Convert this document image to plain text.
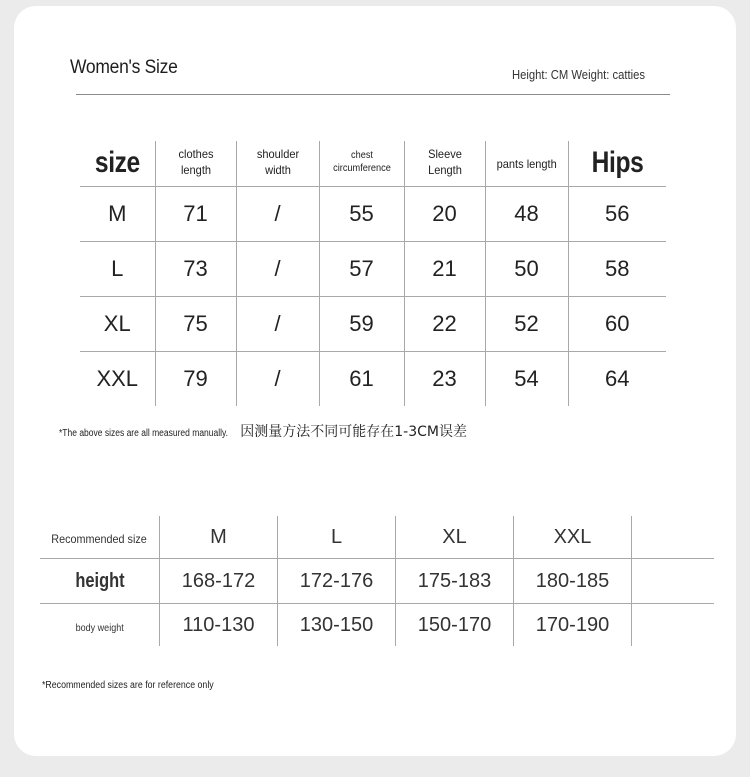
Women's Size	Height: CM Weight: catties
size	clothes length	shoulder width	chest circumference	Sleeve Length	pants length	Hips
M	71	/	55	20	48	56
L	73	/	57	21	50	58
XL	75	/	59	22	52	60
XXL	79	/	61	23	54	64
*The above sizes are all measured manually. 因测量方法不同可能存在1-3CM误差
Recommended size	M	L	XL	XXL	
height	168-172	172-176	175-183	180-185	
body weight	110-130	130-150	150-170	170-190	
*Recommended sizes are for reference only
